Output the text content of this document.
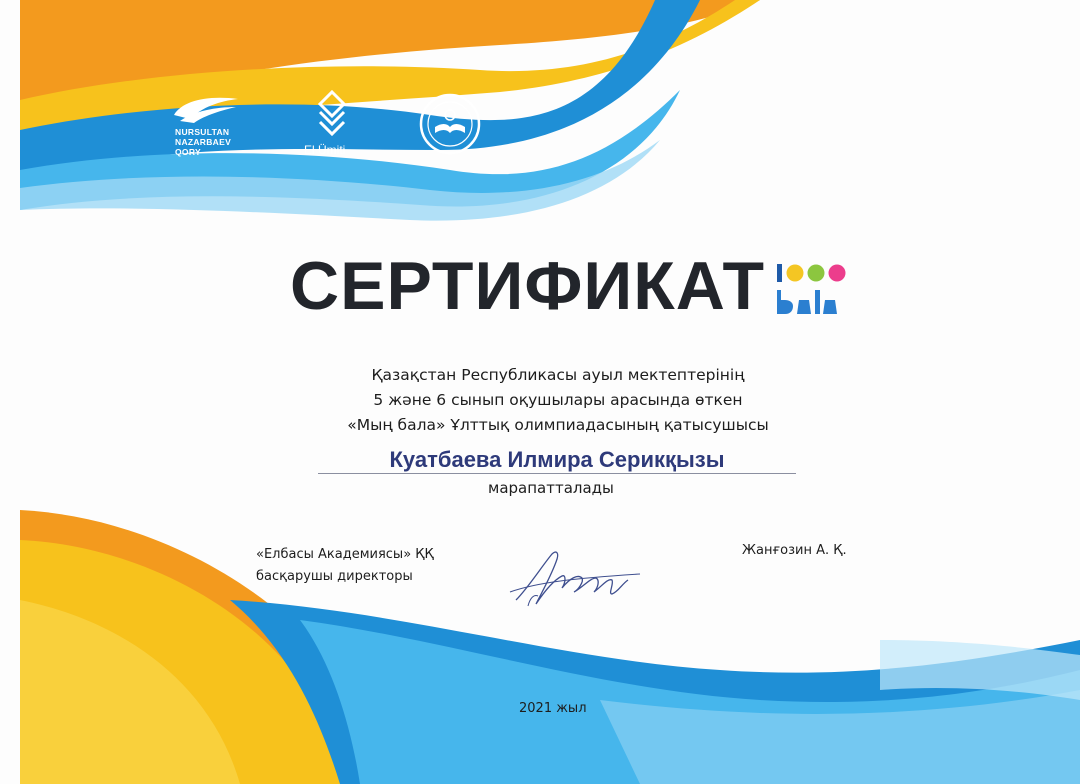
NURSULTAN
NAZARBAEV
QORY	El Ümiti
СЕРТИФИКАТ
Қазақстан Республикасы ауыл мектептерінің
5 және 6 сынып оқушылары арасында өткен
«Мың бала» Ұлттық олимпиадасының қатысушысы
Куатбаева Илмира Серикқызы
марапатталады
«Елбасы Академиясы» ҚҚ
басқарушы директоры
Жанғозин А. Қ.
2021 жыл
